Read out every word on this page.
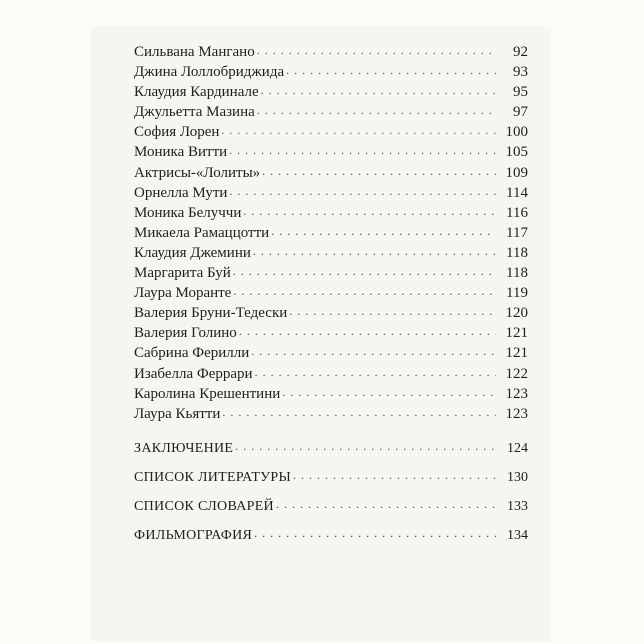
Сильвана Мангано . . .	92
Джина Лоллобриджида . . .	93
Клаудия Кардинале . . .	95
Джульетта Мазина . . .	97
София Лорен . . .	100
Моника Витти . . .	105
Актрисы-«Лолиты» . . .	109
Орнелла Мути . . .	114
Моника Белуччи . . .	116
Микаела Рамаццотти . . .	117
Клаудия Джемини . . .	118
Маргарита Буй . . .	118
Лаура Моранте . . .	119
Валерия Бруни-Тедески . . .	120
Валерия Голино . . .	121
Сабрина Ферилли . . .	121
Изабелла Феррари . . .	122
Каролина Крешентини . . .	123
Лаура Кьятти . . .	123
ЗАКЛЮЧЕНИЕ . . .	124
СПИСОК ЛИТЕРАТУРЫ . . .	130
СПИСОК СЛОВАРЕЙ . . .	133
ФИЛЬМОГРАФИЯ . . .	134
